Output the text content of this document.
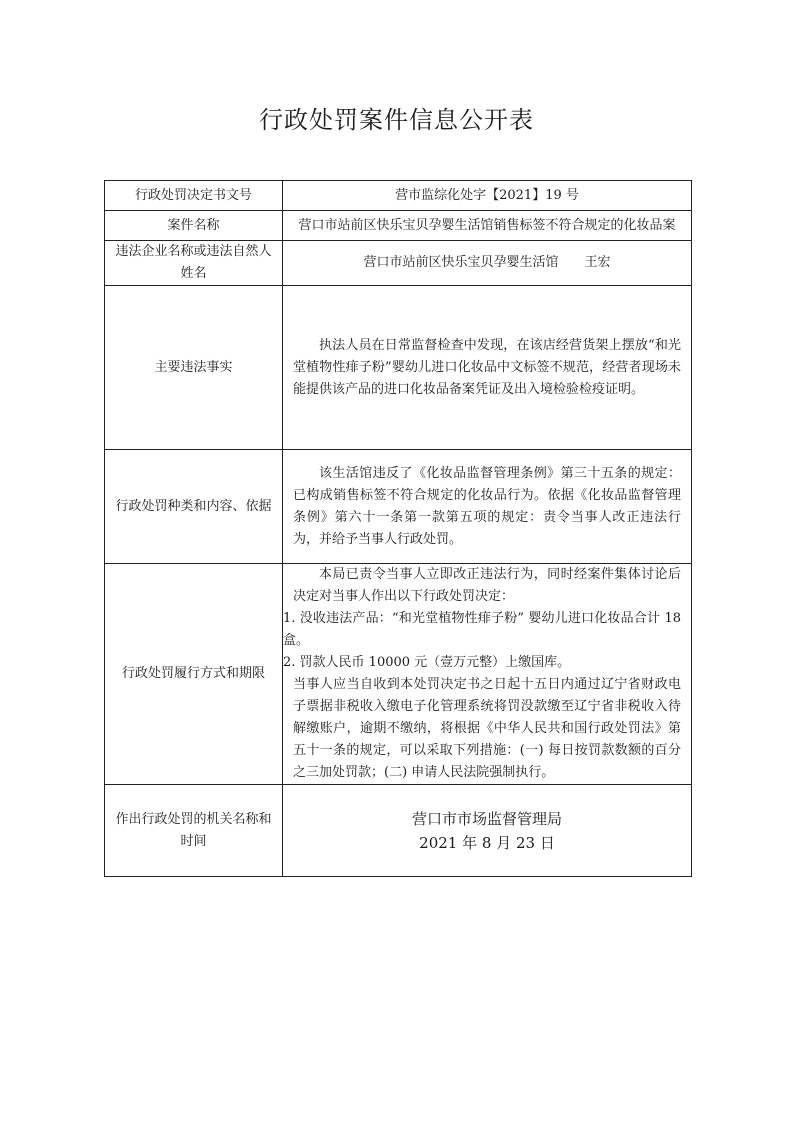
行政处罚案件信息公开表
行政处罚决定书文号	营市监综化处字【2021】19 号
案件名称	营口市站前区快乐宝贝孕婴生活馆销售标签不符合规定的化妆品案
违法企业名称或违法自然人姓名	营口市站前区快乐宝贝孕婴生活馆　　王宏
主要违法事实	执法人员在日常监督检查中发现，在该店经营货架上摆放“和光堂植物性痱子粉”婴幼儿进口化妆品中文标签不规范，经营者现场未能提供该产品的进口化妆品备案凭证及出入境检验检疫证明。

行政处罚种类和内容、依据	该生活馆违反了《化妆品监督管理条例》第三十五条的规定：已构成销售标签不符合规定的化妆品行为。依据《化妆品监督管理条例》第六十一条第一款第五项的规定：责令当事人改正违法行为，并给予当事人行政处罚。

行政处罚履行方式和期限	本局已责令当事人立即改正违法行为，同时经案件集体讨论后决定对当事人作出以下行政处罚决定：
1. 没收违法产品：“和光堂植物性痱子粉” 婴幼儿进口化妆品合计 18 盒。
2. 罚款人民币 10000 元（壹万元整）上缴国库。
当事人应当自收到本处罚决定书之日起十五日内通过辽宁省财政电子票据非税收入缴电子化管理系统将罚没款缴至辽宁省非税收入待解缴账户，逾期不缴纳，将根据《中华人民共和国行政处罚法》第五十一条的规定，可以采取下列措施：(一) 每日按罚款数额的百分之三加处罚款；(二) 申请人民法院强制执行。

作出行政处罚的机关名称和时间	营口市市场监督管理局
2021 年 8 月 23 日
